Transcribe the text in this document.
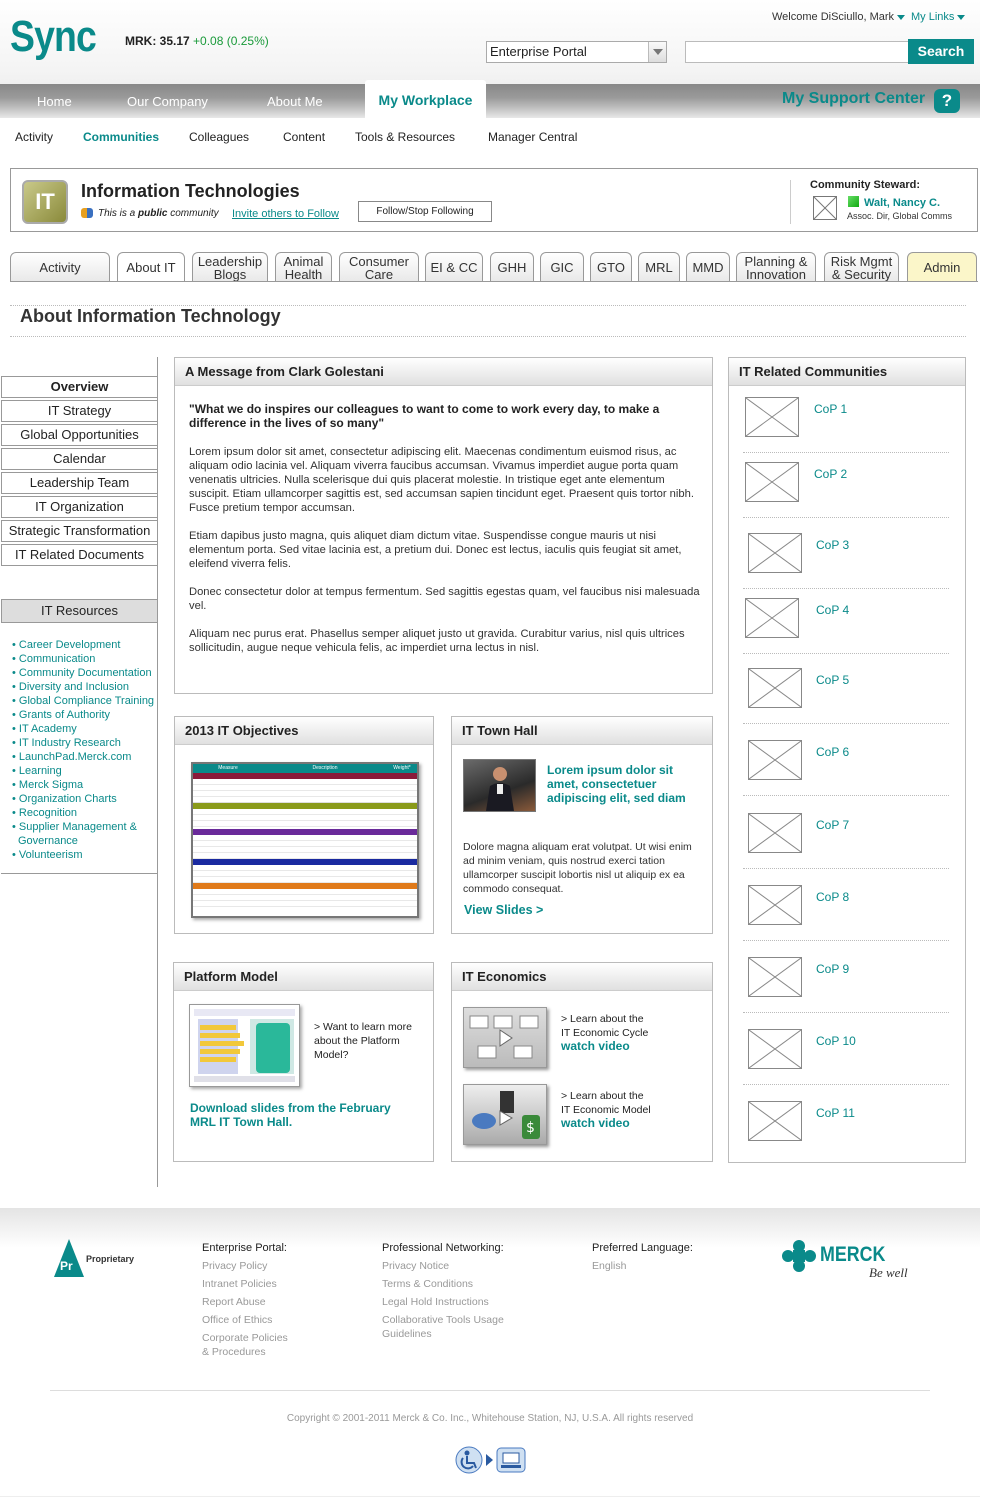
Sync MRK: 35.17 +0.08 (0.25%)
Welcome DiSciullo, Mark	My Links
Enterprise Portal	Search
Home	Our Company	About Me	My Workplace	My Support Center ?
Activity Communities Colleagues	Content Tools & Resources	Manager Central
IT	Information Technologies
This is a public community Invite others to Follow	Follow/Stop Following
Community Steward:
Walt, Nancy C.
Assoc. Dir, Global Comms
Activity	About IT Leadership
Blogs
Animal
Health
Consumer
Care	EI & CC GHH GIC GTO MRL MMD Planning &
Innovation
Risk Mgmt
& Security Admin
About Information Technology
Overview
IT Strategy
Global Opportunities
Calendar
Leadership Team
IT Organization
Strategic Transformation
IT Related Documents
IT Resources
• Career Development
• Communication
• Community Documentation
• Diversity and Inclusion
• Global Compliance Training
• Grants of Authority
• IT Academy
• IT Industry Research
• LaunchPad.Merck.com
• Learning
• Merck Sigma
• Organization Charts
• Recognition
• Supplier Management &
Governance
• Volunteerism
A Message from Clark Golestani
"What we do inspires our colleagues to want to come to work every day, to make a difference in the lives of so many"
Lorem ipsum dolor sit amet, consectetur adipiscing elit. Maecenas condimentum euismod risus, ac aliquam odio lacinia vel. Aliquam viverra faucibus accumsan. Vivamus imperdiet augue porta quam venenatis ultricies. Nulla scelerisque dui quis placerat molestie. In tristique eget ante elementum suscipit. Etiam ullamcorper sagittis est, sed accumsan sapien tincidunt eget. Praesent quis tortor nibh. Fusce pretium tempor accumsan.
Etiam dapibus justo magna, quis aliquet diam dictum vitae. Suspendisse congue mauris ut nisi elementum porta. Sed vitae lacinia est, a pretium dui. Donec est lectus, iaculis quis feugiat sit amet, eleifend viverra felis.
Donec consectetur dolor at tempus fermentum. Sed sagittis egestas quam, vel faucibus nisi malesuada vel.
Aliquam nec purus erat. Phasellus semper aliquet justo ut gravida. Curabitur varius, nisl quis ultrices sollicitudin, augue neque vehicula felis, ac imperdiet urna lectus in nisl.
2013 IT Objectives
Measure	Description	Weight*
IT Town Hall
Lorem ipsum dolor sit amet, consectetuer adipiscing elit, sed diam
Dolore magna aliquam erat volutpat. Ut wisi enim ad minim veniam, quis nostrud exerci tation ullamcorper suscipit lobortis nisl ut aliquip ex ea commodo consequat.
View Slides >
Platform Model
> Want to learn more about the Platform Model?
Download slides from the February MRL IT Town Hall.
IT Economics
> Learn about the
IT Economic Cycle
watch video
$
> Learn about the
IT Economic Model
watch video
IT Related Communities
CoP 1
CoP 2
CoP 3
CoP 4
CoP 5
CoP 6
CoP 7
CoP 8
CoP 9
CoP 10
CoP 11
Pr Proprietary
Enterprise Portal:
Privacy Policy
Intranet Policies
Report Abuse
Office of Ethics
Corporate Policies
& Procedures
Professional Networking:
Privacy Notice
Terms & Conditions
Legal Hold Instructions
Collaborative Tools Usage
Guidelines
Preferred Language:
English	MERCK
Be well
Copyright © 2001-2011 Merck & Co. Inc., Whitehouse Station, NJ, U.S.A. All rights reserved
